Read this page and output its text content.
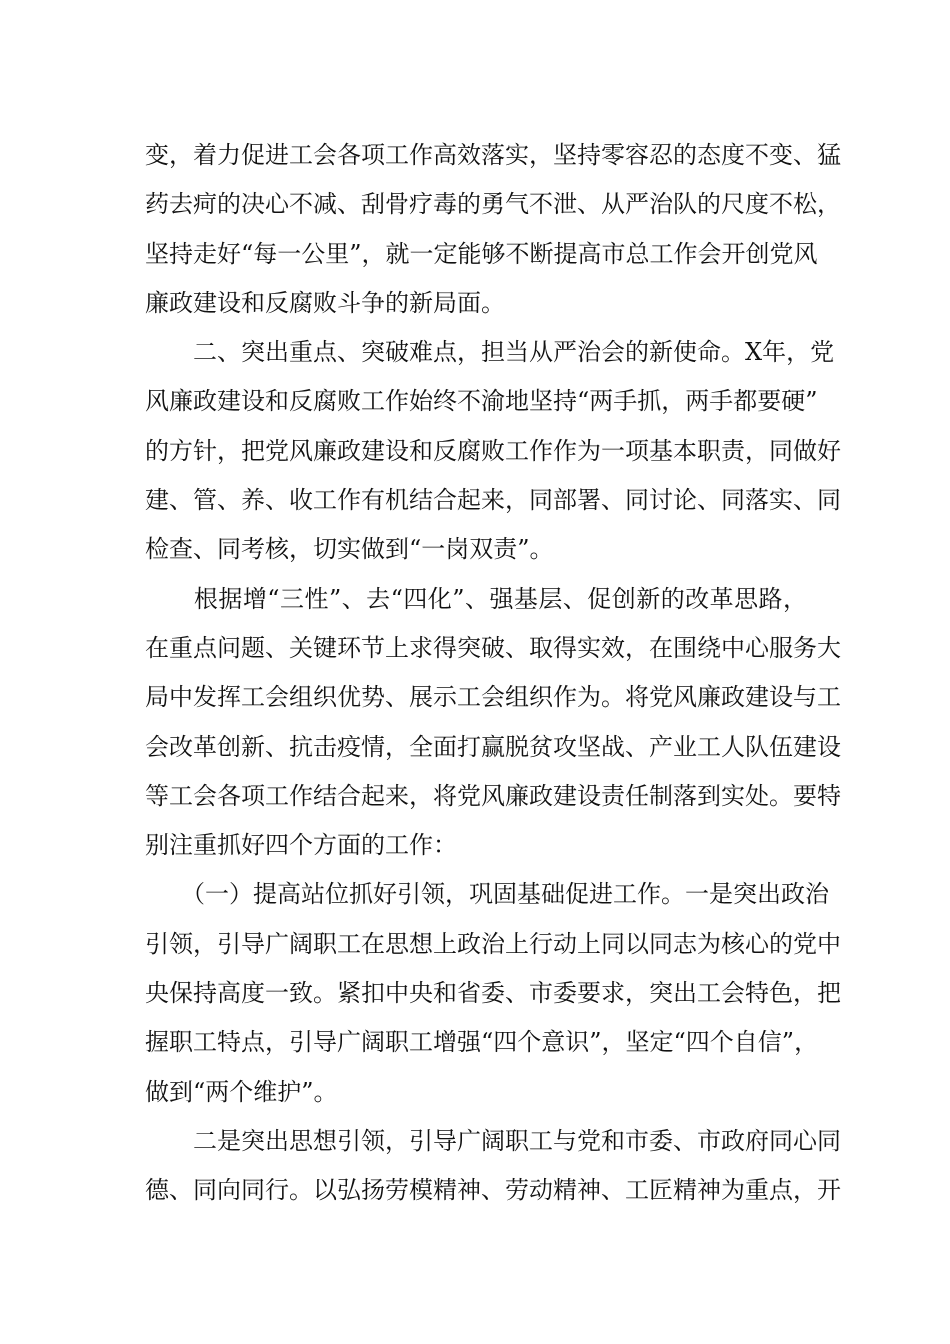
变，着力促进工会各项工作高效落实，坚持零容忍的态度不变、猛
药去疴的决心不减、刮骨疗毒的勇气不泄、从严治队的尺度不松，
坚持走好“每一公里”，就一定能够不断提高市总工作会开创党风
廉政建设和反腐败斗争的新局面。
　　二、突出重点、突破难点，担当从严治会的新使命。X年，党
风廉政建设和反腐败工作始终不渝地坚持“两手抓，两手都要硬”
的方针，把党风廉政建设和反腐败工作作为一项基本职责，同做好
建、管、养、收工作有机结合起来，同部署、同讨论、同落实、同
检查、同考核，切实做到“一岗双责”。
　　根据增“三性”、去“四化”、强基层、促创新的改革思路，
在重点问题、关键环节上求得突破、取得实效，在围绕中心服务大
局中发挥工会组织优势、展示工会组织作为。将党风廉政建设与工
会改革创新、抗击疫情，全面打赢脱贫攻坚战、产业工人队伍建设
等工会各项工作结合起来，将党风廉政建设责任制落到实处。要特
别注重抓好四个方面的工作：
　　（一）提高站位抓好引领，巩固基础促进工作。一是突出政治
引领，引导广阔职工在思想上政治上行动上同以同志为核心的党中
央保持高度一致。紧扣中央和省委、市委要求，突出工会特色，把
握职工特点，引导广阔职工增强“四个意识”，坚定“四个自信”，
做到“两个维护”。
　　二是突出思想引领，引导广阔职工与党和市委、市政府同心同
德、同向同行。以弘扬劳模精神、劳动精神、工匠精神为重点，开
